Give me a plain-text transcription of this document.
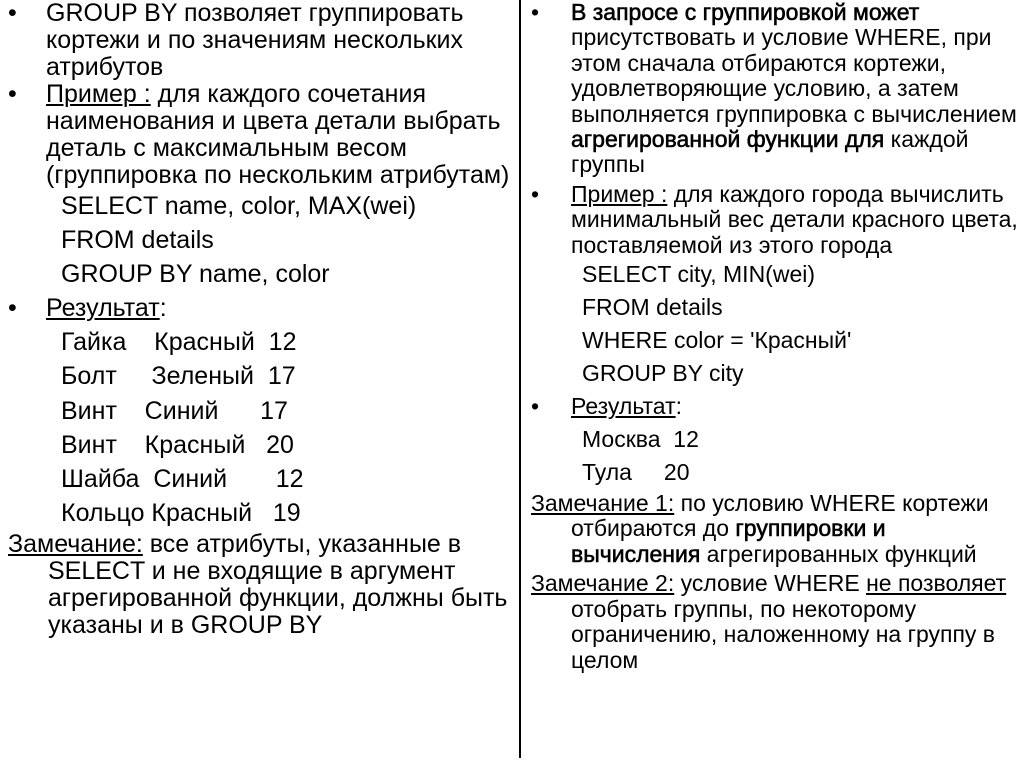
• GROUP BY позволяет группировать кортежи и по значениям нескольких атрибутов
• Пример : для каждого сочетания наименования и цвета детали выбрать деталь с максимальным весом (группировка по нескольким атрибутам)
SELECT name, color, MAX(wei)
FROM details
GROUP BY name, color
• Результат:
Гайка    Красный  12
Болт     Зеленый  17
Винт    Синий      17
Винт    Красный   20
Шайба  Синий       12
Кольцо Красный   19
Замечание: все атрибуты, указанные в SELECT и не входящие в аргумент агрегированной функции, должны быть указаны и в GROUP BY
• В запросе с группировкой может присутствовать и условие WHERE, при этом сначала отбираются кортежи, удовлетворяющие условию, а затем выполняется группировка с вычислением агрегированной функции для каждой группы
• Пример : для каждого города вычислить минимальный вес детали красного цвета, поставляемой из этого города
SELECT city, MIN(wei)
FROM details
WHERE color = 'Красный'
GROUP BY city
• Результат:
Москва  12
Тула     20
Замечание 1: по условию WHERE кортежи отбираются до группировки и вычисления агрегированных функций
Замечание 2: условие WHERE не позволяет отобрать группы, по некоторому ограничению, наложенному на группу в целом
